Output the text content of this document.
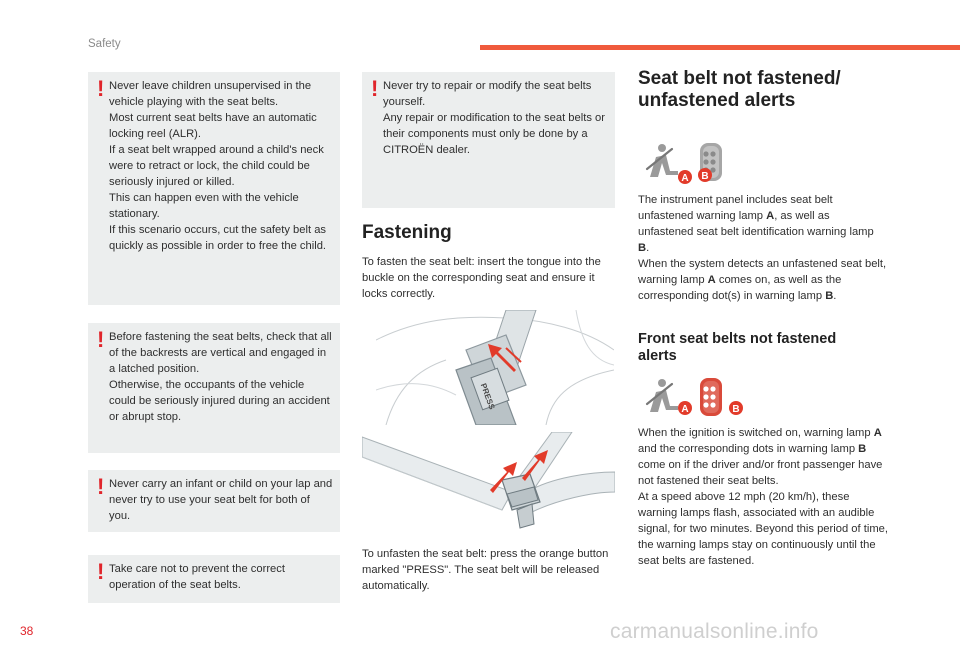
Safety
! Never leave children unsupervised in the vehicle playing with the seat belts.

Most current seat belts have an automatic locking reel (ALR).

If a seat belt wrapped around a child's neck were to retract or lock, the child could be seriously injured or killed.

This can happen even with the vehicle stationary.

If this scenario occurs, cut the safety belt as quickly as possible in order to free the child.

! Before fastening the seat belts, check that all of the backrests are vertical and engaged in a latched position.

Otherwise, the occupants of the vehicle could be seriously injured during an accident or abrupt stop.

! Never carry an infant or child on your lap and never try to use your seat belt for both of you.

! Take care not to prevent the correct operation of the seat belts.

! Never try to repair or modify the seat belts yourself.

Any repair or modification to the seat belts or their components must only be done by a CITROËN dealer.

Fastening
To fasten the seat belt: insert the tongue into the buckle on the corresponding seat and ensure it locks correctly.
PRESS
To unfasten the seat belt: press the orange button marked "PRESS". The seat belt will be released automatically.
Seat belt not fastened/
unfastened alerts
A B

The instrument panel includes seat belt unfastened warning lamp A, as well as unfastened seat belt identification warning lamp B.

When the system detects an unfastened seat belt, warning lamp A comes on, as well as the corresponding dot(s) in warning lamp B.

Front seat belts not fastened
alerts
A	B

When the ignition is switched on, warning lamp A and the corresponding dots in warning lamp B come on if the driver and/or front passenger have not fastened their seat belts.

At a speed above 12 mph (20 km/h), these warning lamps flash, associated with an audible signal, for two minutes. Beyond this period of time, the warning lamps stay on continuously until the seat belts are fastened.

38	carmanualsonline.info
